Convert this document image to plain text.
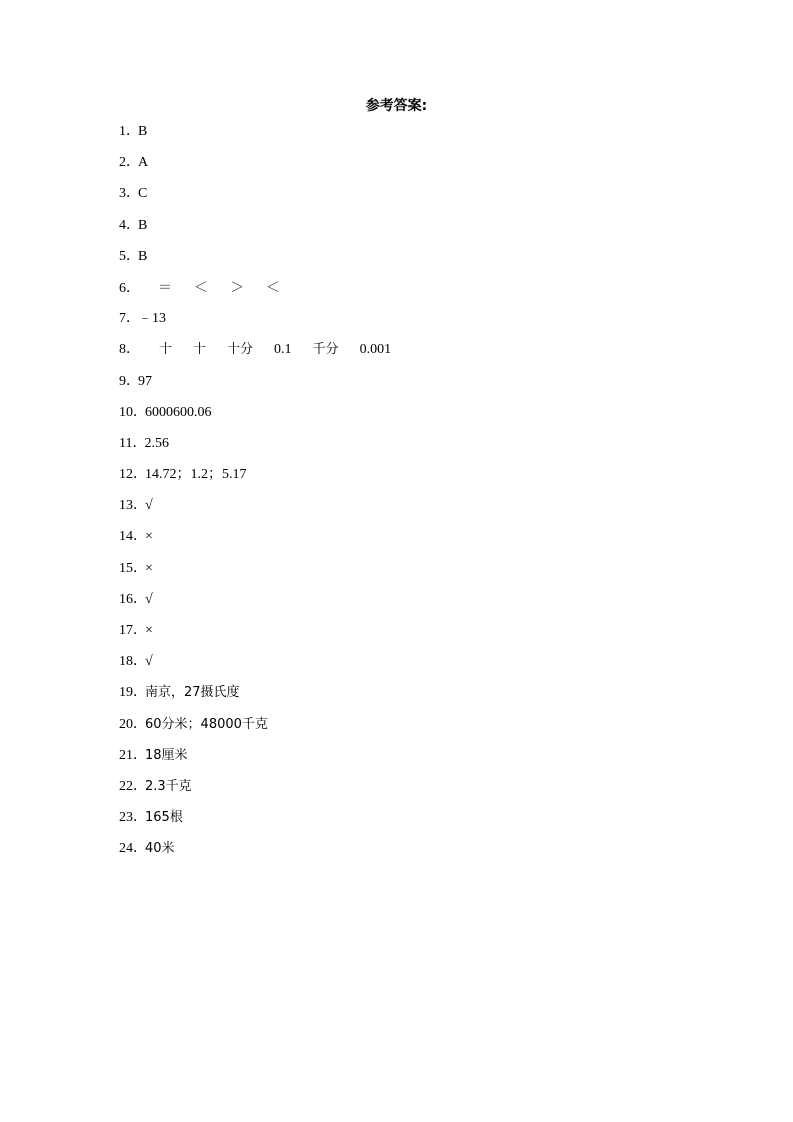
参考答案:
1．B
2．A
3．C
4．B
5．B
6． ＝ ＜ ＞ ＜
7．﹣13
8． 十 十 十分 0.1 千分 0.001
9．97
10．6000600.06
11．2.56
12．14.72；1.2；5.17
13．√
14．×
15．×
16．√
17．×
18．√
19．南京，27摄氏度
20．60分米；48000千克
21．18厘米
22．2.3千克
23．165根
24．40米
